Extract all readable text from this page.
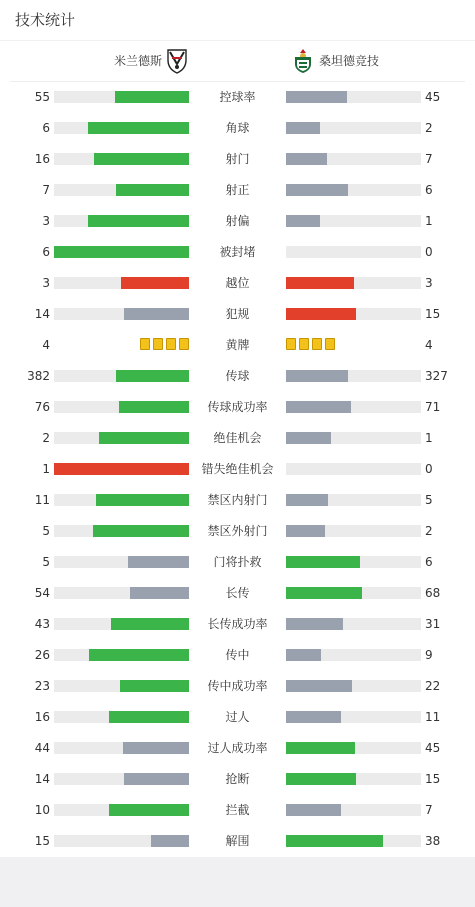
技术统计
米兰德斯	桑坦德竞技
55	控球率	45
6	角球	2
16	射门	7
7	射正	6
3	射偏	1
6	被封堵	0
3	越位	3
14	犯规	15
4	黄牌	4
382	传球	327
76	传球成功率	71
2	绝佳机会	1
1	错失绝佳机会	0
11	禁区内射门	5
5	禁区外射门	2
5	门将扑救	6
54	长传	68
43	长传成功率	31
26	传中	9
23	传中成功率	22
16	过人	11
44	过人成功率	45
14	抢断	15
10	拦截	7
15	解围	38
